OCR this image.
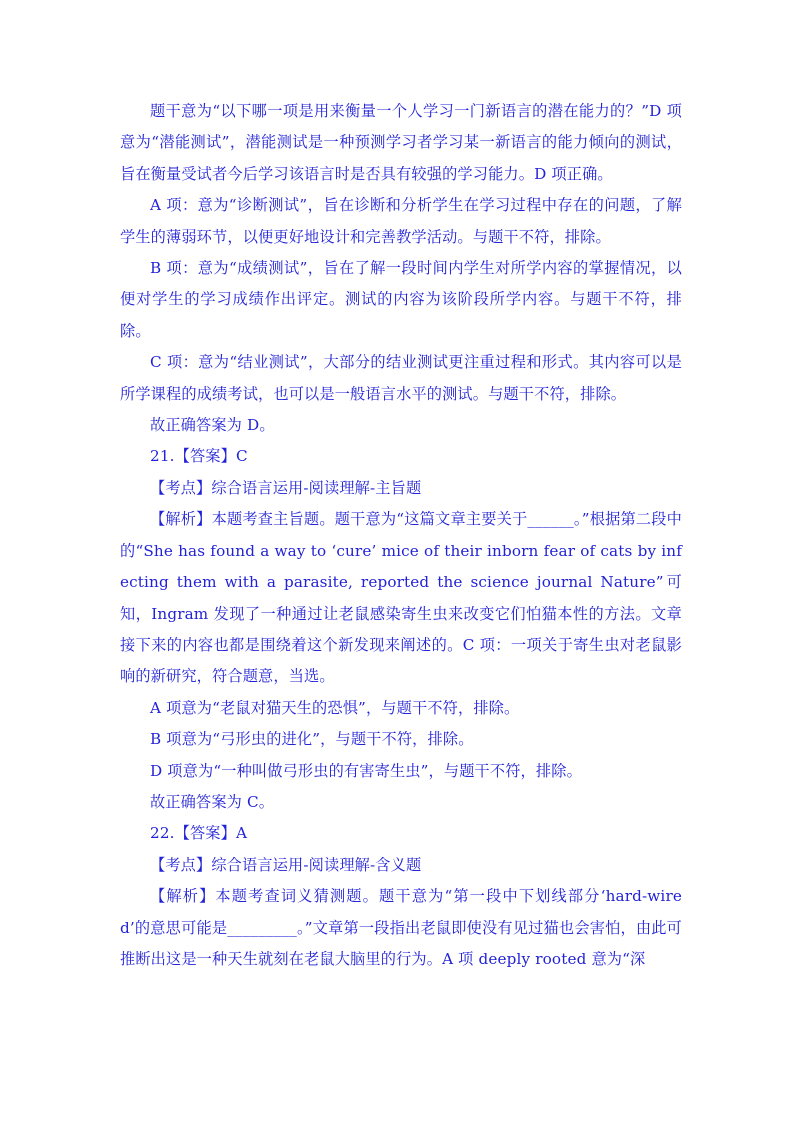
题干意为“以下哪一项是用来衡量一个人学习一门新语言的潜在能力的？”D 项意为“潜能测试”，潜能测试是一种预测学习者学习某一新语言的能力倾向的测试，旨在衡量受试者今后学习该语言时是否具有较强的学习能力。D 项正确。

A 项：意为“诊断测试”，旨在诊断和分析学生在学习过程中存在的问题，了解学生的薄弱环节，以便更好地设计和完善教学活动。与题干不符，排除。

B 项：意为“成绩测试”，旨在了解一段时间内学生对所学内容的掌握情况，以便对学生的学习成绩作出评定。测试的内容为该阶段所学内容。与题干不符，排除。

C 项：意为“结业测试”，大部分的结业测试更注重过程和形式。其内容可以是所学课程的成绩考试，也可以是一般语言水平的测试。与题干不符，排除。

故正确答案为 D。

21.【答案】C

【考点】综合语言运用-阅读理解-主旨题

【解析】本题考查主旨题。题干意为“这篇文章主要关于______。”根据第二段中的“She has found a way to ‘cure’ mice of their inborn fear of cats by infecting them with a parasite, reported the science journal Nature”可知，Ingram 发现了一种通过让老鼠感染寄生虫来改变它们怕猫本性的方法。文章接下来的内容也都是围绕着这个新发现来阐述的。C 项：一项关于寄生虫对老鼠影响的新研究，符合题意，当选。

A 项意为“老鼠对猫天生的恐惧”，与题干不符，排除。

B 项意为“弓形虫的进化”，与题干不符，排除。

D 项意为“一种叫做弓形虫的有害寄生虫”，与题干不符，排除。

故正确答案为 C。

22.【答案】A

【考点】综合语言运用-阅读理解-含义题

【解析】本题考查词义猜测题。题干意为“第一段中下划线部分‘hard-wired’的意思可能是_________。”文章第一段指出老鼠即使没有见过猫也会害怕，由此可推断出这是一种天生就刻在老鼠大脑里的行为。A 项 deeply rooted 意为“深
